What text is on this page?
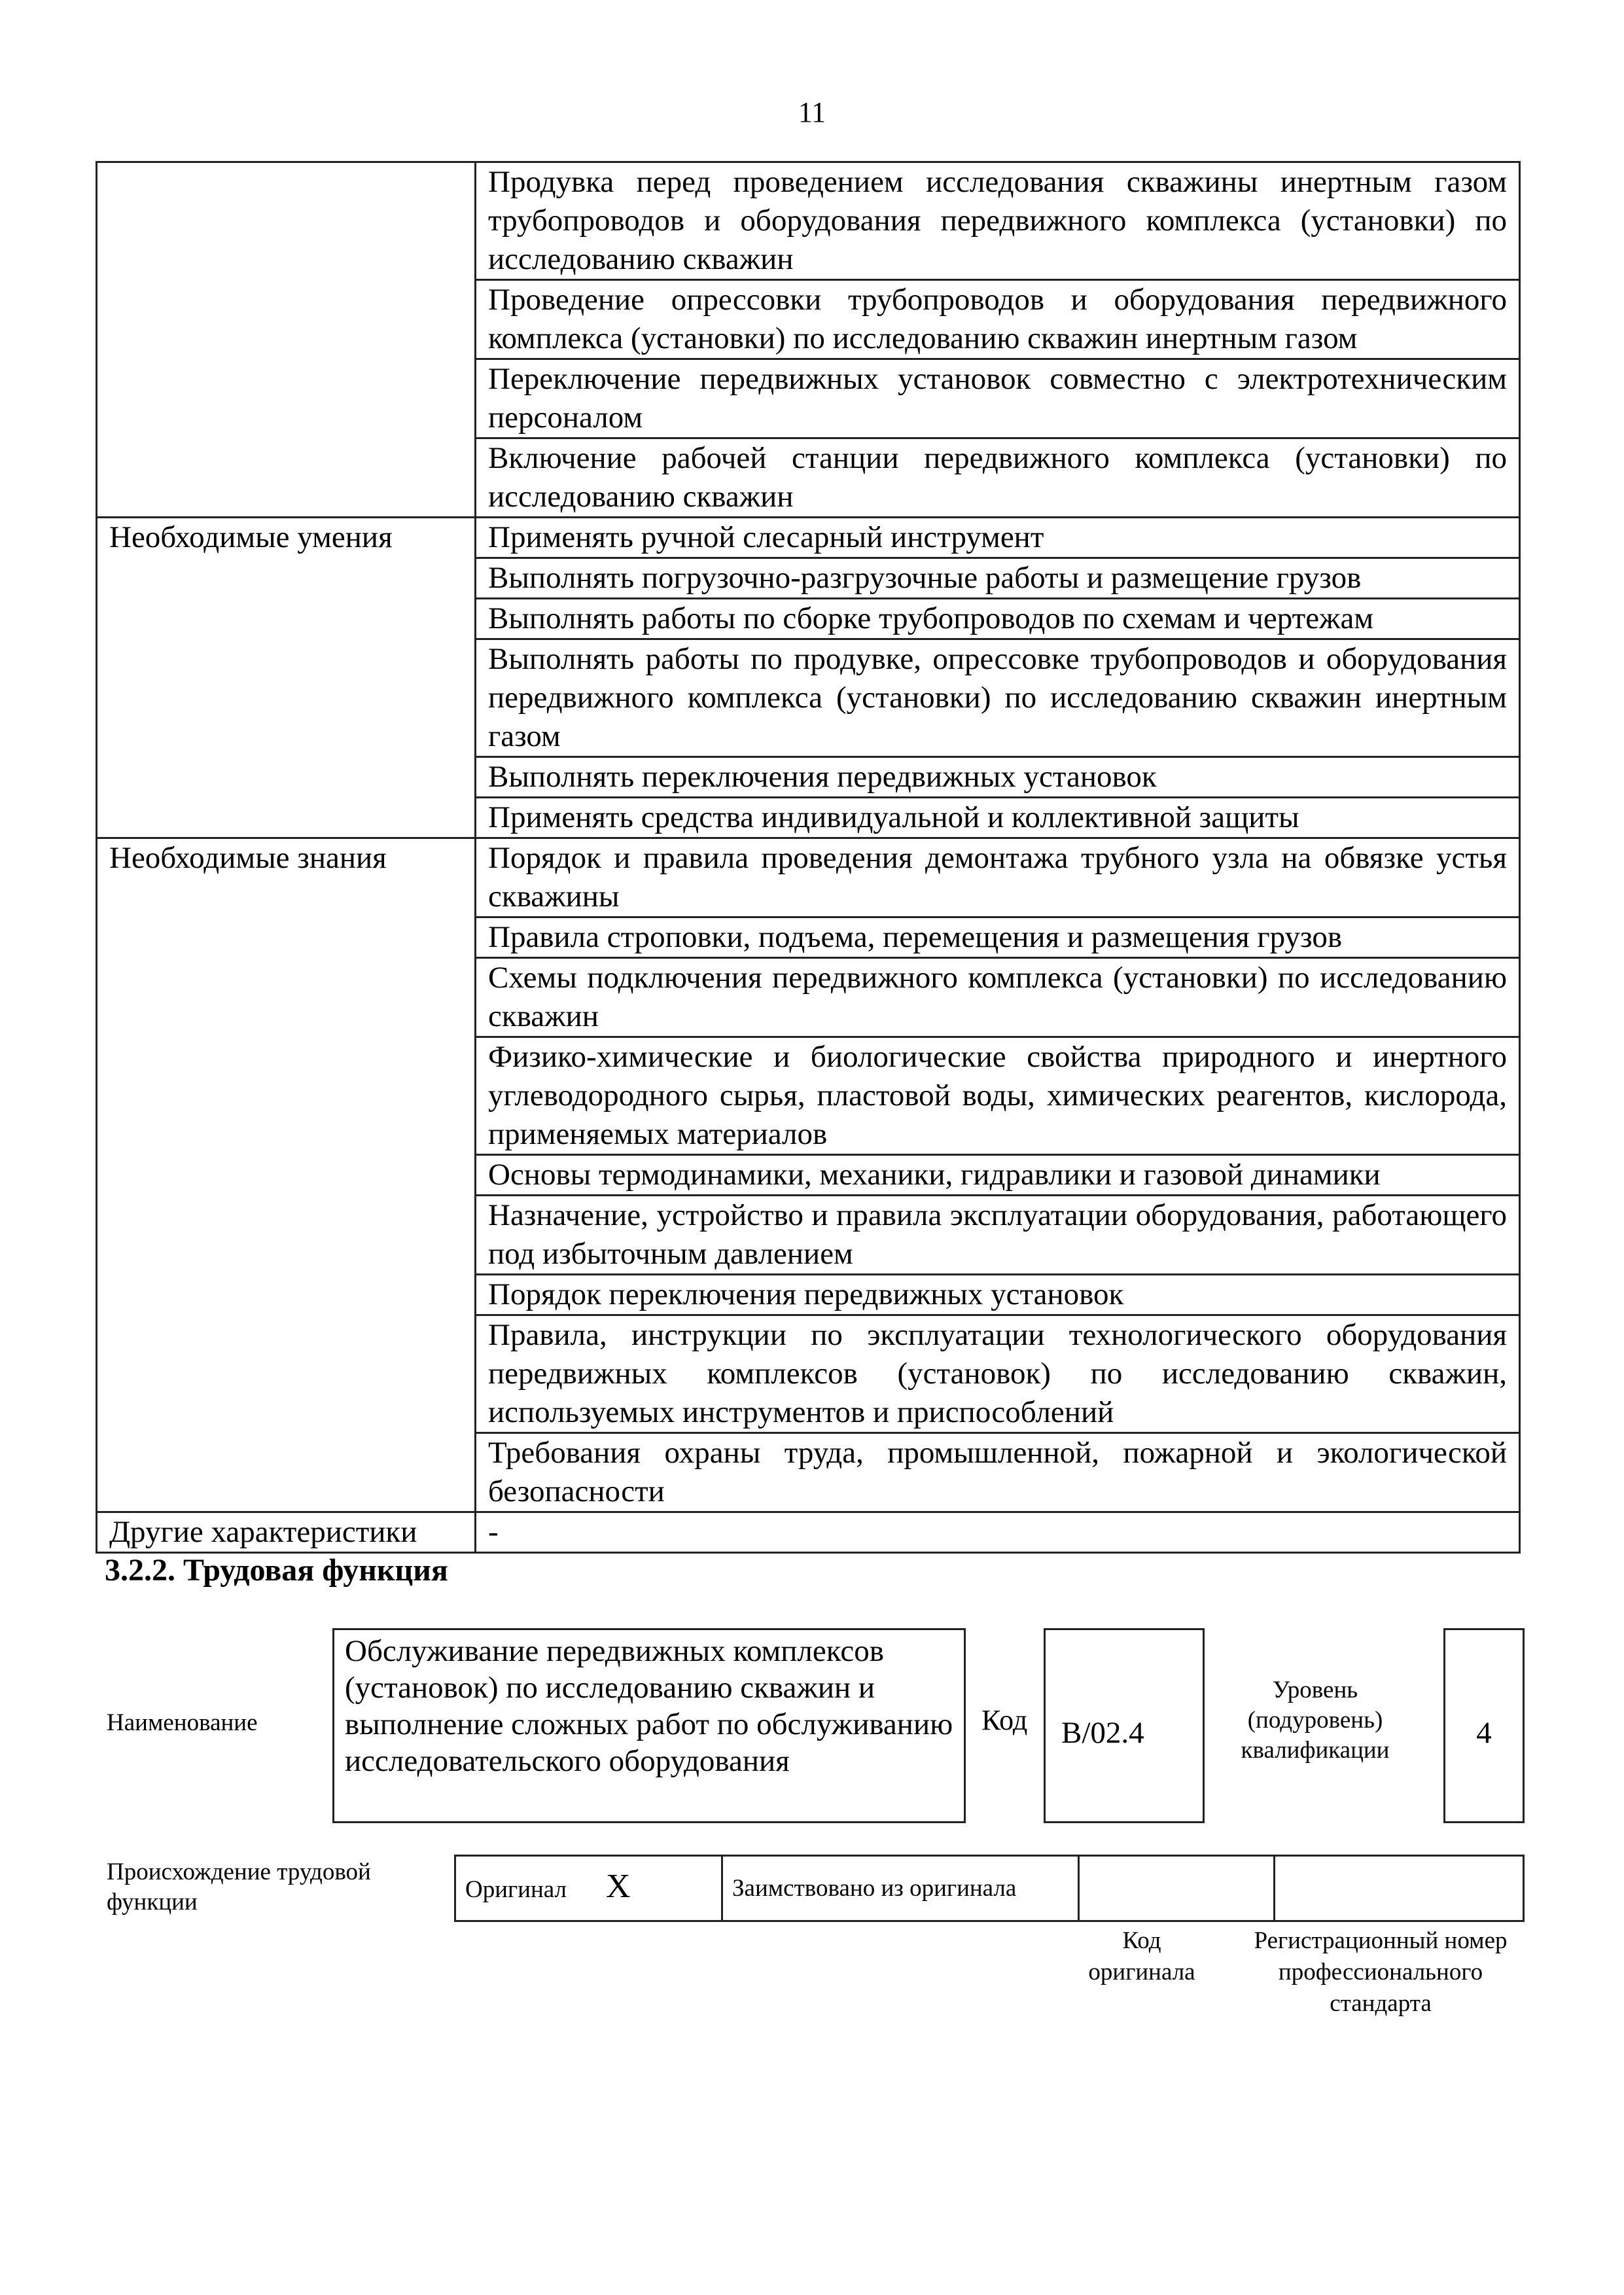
11
	Продувка перед проведением исследования скважины инертным газом трубопроводов и оборудования передвижного комплекса (установки) по исследованию скважин
	Проведение опрессовки трубопроводов и оборудования передвижного комплекса (установки) по исследованию скважин инертным газом
	Переключение передвижных установок совместно с электротехническим персоналом
	Включение рабочей станции передвижного комплекса (установки) по исследованию скважин
Необходимые умения	Применять ручной слесарный инструмент
	Выполнять погрузочно-разгрузочные работы и размещение грузов
	Выполнять работы по сборке трубопроводов по схемам и чертежам
	Выполнять работы по продувке, опрессовке трубопроводов и оборудования передвижного комплекса (установки) по исследованию скважин инертным газом
	Выполнять переключения передвижных установок
	Применять средства индивидуальной и коллективной защиты
Необходимые знания	Порядок и правила проведения демонтажа трубного узла на обвязке устья скважины
	Правила строповки, подъема, перемещения и размещения грузов
	Схемы подключения передвижного комплекса (установки) по исследованию скважин
	Физико-химические и биологические свойства природного и инертного углеводородного сырья, пластовой воды, химических реагентов, кислорода, применяемых материалов
	Основы термодинамики, механики, гидравлики и газовой динамики
	Назначение, устройство и правила эксплуатации оборудования, работающего под избыточным давлением
	Порядок переключения передвижных установок
	Правила, инструкции по эксплуатации технологического оборудования передвижных комплексов (установок) по исследованию скважин, используемых инструментов и приспособлений
	Требования охраны труда, промышленной, пожарной и экологической безопасности
Другие характеристики	-
3.2.2. Трудовая функция
Наименование
Обслуживание передвижных комплексов (установок) по исследованию скважин и выполнение сложных работ по обслуживанию исследовательского оборудования
Код	B/02.4
Уровень (подуровень) квалификации
4
Происхождение трудовой функции	Оригинал X	Заимствовано из оригинала		
Код оригинала
Регистрационный номер профессионального стандарта
